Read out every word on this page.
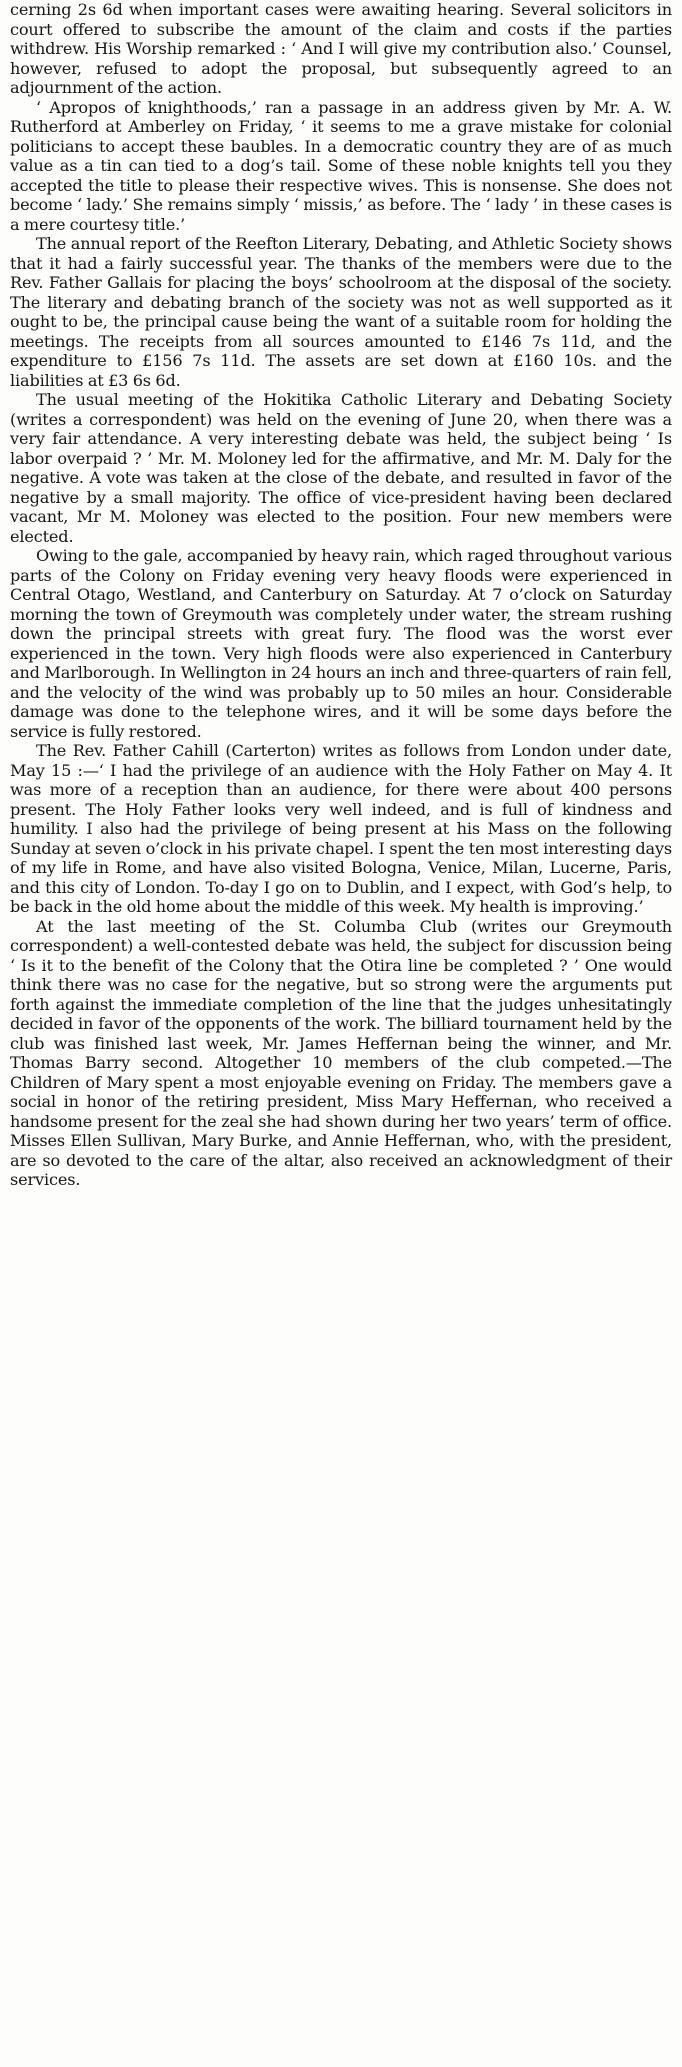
cerning 2s 6d when important cases were awaiting hearing. Several solicitors in court offered to subscribe the amount of the claim and costs if the parties withdrew. His Worship remarked : ‘ And I will give my contribution also.’ Counsel, however, refused to adopt the proposal, but subsequently agreed to an adjournment of the action.

‘ Apropos of knighthoods,’ ran a passage in an address given by Mr. A. W. Rutherford at Amberley on Friday, ‘ it seems to me a grave mistake for colonial politicians to accept these baubles. In a democratic country they are of as much value as a tin can tied to a dog’s tail. Some of these noble knights tell you they accepted the title to please their respective wives. This is nonsense. She does not become ‘ lady.’ She remains simply ‘ missis,’ as before. The ‘ lady ’ in these cases is a mere courtesy title.’

The annual report of the Reefton Literary, Debating, and Athletic Society shows that it had a fairly successful year. The thanks of the members were due to the Rev. Father Gallais for placing the boys’ schoolroom at the disposal of the society. The literary and debating branch of the society was not as well supported as it ought to be, the principal cause being the want of a suitable room for holding the meetings. The receipts from all sources amounted to £146 7s 11d, and the expenditure to £156 7s 11d. The assets are set down at £160 10s. and the liabilities at £3 6s 6d.

The usual meeting of the Hokitika Catholic Literary and Debating Society (writes a correspondent) was held on the evening of June 20, when there was a very fair attendance. A very interesting debate was held, the subject being ‘ Is labor overpaid ? ’ Mr. M. Moloney led for the affirmative, and Mr. M. Daly for the negative. A vote was taken at the close of the debate, and resulted in favor of the negative by a small majority. The office of vice-president having been declared vacant, Mr M. Moloney was elected to the position. Four new members were elected.

Owing to the gale, accompanied by heavy rain, which raged throughout various parts of the Colony on Friday evening very heavy floods were experienced in Central Otago, Westland, and Canterbury on Saturday. At 7 o’clock on Saturday morning the town of Greymouth was completely under water, the stream rushing down the principal streets with great fury. The flood was the worst ever experienced in the town. Very high floods were also experienced in Canterbury and Marlborough. In Wellington in 24 hours an inch and three-quarters of rain fell, and the velocity of the wind was probably up to 50 miles an hour. Considerable damage was done to the telephone wires, and it will be some days before the service is fully restored.

The Rev. Father Cahill (Carterton) writes as follows from London under date, May 15 :—‘ I had the privilege of an audience with the Holy Father on May 4. It was more of a reception than an audience, for there were about 400 persons present. The Holy Father looks very well indeed, and is full of kindness and humility. I also had the privilege of being present at his Mass on the following Sunday at seven o’clock in his private chapel. I spent the ten most interesting days of my life in Rome, and have also visited Bologna, Venice, Milan, Lucerne, Paris, and this city of London. To-day I go on to Dublin, and I expect, with God’s help, to be back in the old home about the middle of this week. My health is improving.’

At the last meeting of the St. Columba Club (writes our Greymouth correspondent) a well-contested debate was held, the subject for discussion being ‘ Is it to the benefit of the Colony that the Otira line be completed ? ’ One would think there was no case for the negative, but so strong were the arguments put forth against the immediate completion of the line that the judges unhesitatingly decided in favor of the opponents of the work. The billiard tournament held by the club was finished last week, Mr. James Heffernan being the winner, and Mr. Thomas Barry second. Altogether 10 members of the club competed.—The Children of Mary spent a most enjoyable evening on Friday. The members gave a social in honor of the retiring president, Miss Mary Heffernan, who received a handsome present for the zeal she had shown during her two years’ term of office. Misses Ellen Sullivan, Mary Burke, and Annie Heffernan, who, with the president, are so devoted to the care of the altar, also received an acknowledgment of their services.
